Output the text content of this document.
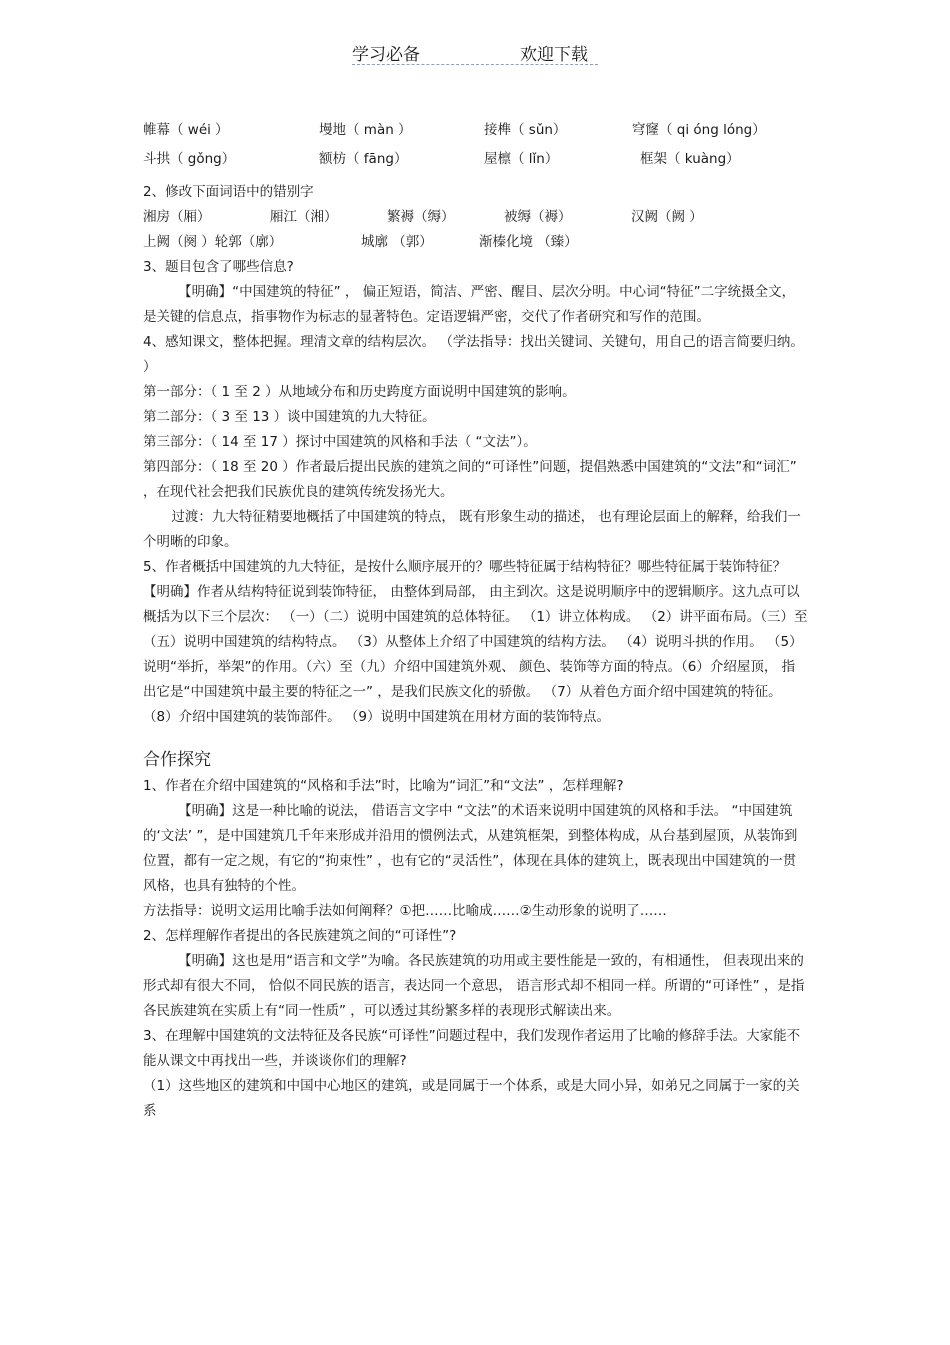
学习必备	欢迎下载
帷幕（ wéi ）	墁地（ màn ）	接榫（ sǔn）	穹窿（ qi óng lóng）
斗拱（ gǒng）	额枋（ fāng）	屋檩（ lǐn）	框架（ kuàng）

2、修改下面词语中的错别字

湘房（厢）	厢江（湘）	繁褥（缛）	被缛（褥）	汉阙（阙 ）
上阙（阕 ）轮郭（廓）	城廓 （郭）	渐榛化境 （臻）

3、题目包含了哪些信息?

【明确】“中国建筑的特征” ， 偏正短语，简洁、严密、醒目、层次分明。中心词“特征”二字统摄全文，是关键的信息点，指事物作为标志的显著特色。定语逻辑严密，交代了作者研究和写作的范围。

4、感知课文，整体把握。理清文章的结构层次。 （学法指导：找出关键词、关键句，用自己的语言简要归纳。 ）

第一部分：（ 1 至 2 ）从地域分布和历史跨度方面说明中国建筑的影响。

第二部分：（ 3 至 13 ）谈中国建筑的九大特征。

第三部分：（ 14 至 17 ）探讨中国建筑的风格和手法（ “文法”）。

第四部分：（ 18 至 20 ）作者最后提出民族的建筑之间的“可译性”问题，提倡熟悉中国建筑的“文法”和“词汇” ，在现代社会把我们民族优良的建筑传统发扬光大。

过渡：九大特征精要地概括了中国建筑的特点， 既有形象生动的描述， 也有理论层面上的解释，给我们一个明晰的印象。

5、作者概括中国建筑的九大特征，是按什么顺序展开的？哪些特征属于结构特征？哪些特征属于装饰特征？

【明确】作者从结构特征说到装饰特征， 由整体到局部， 由主到次。这是说明顺序中的逻辑顺序。这九点可以概括为以下三个层次： （一）（二）说明中国建筑的总体特征。 （1）讲立体构成。 （2）讲平面布局。（三）至（五）说明中国建筑的结构特点。 （3）从整体上介绍了中国建筑的结构方法。 （4）说明斗拱的作用。 （5）说明“举折，举架”的作用。（六）至（九）介绍中国建筑外观、 颜色、装饰等方面的特点。（6）介绍屋顶， 指出它是“中国建筑中最主要的特征之一” ，是我们民族文化的骄傲。 （7）从着色方面介绍中国建筑的特征。 （8）介绍中国建筑的装饰部件。 （9）说明中国建筑在用材方面的装饰特点。

合作探究

1、作者在介绍中国建筑的“风格和手法”时，比喻为“词汇”和“文法” ，怎样理解?

【明确】这是一种比喻的说法， 借语言文字中 “文法”的术语来说明中国建筑的风格和手法。 “中国建筑的‘文法’ ”，是中国建筑几千年来形成并沿用的惯例法式，从建筑框架，到整体构成，从台基到屋顶，从装饰到位置，都有一定之规，有它的“拘束性” ，也有它的“灵活性”，体现在具体的建筑上，既表现出中国建筑的一贯风格，也具有独特的个性。

方法指导：说明文运用比喻手法如何阐释？①把……比喻成……②生动形象的说明了……

2、怎样理解作者提出的各民族建筑之间的“可译性”?

【明确】这也是用“语言和文学”为喻。各民族建筑的功用或主要性能是一致的，有相通性， 但表现出来的形式却有很大不同， 恰似不同民族的语言，表达同一个意思， 语言形式却不相同一样。所谓的“可译性” ，是指各民族建筑在实质上有“同一性质” ，可以透过其纷繁多样的表现形式解读出来。

3、在理解中国建筑的文法特征及各民族“可译性”问题过程中，我们发现作者运用了比喻的修辞手法。大家能不能从课文中再找出一些，并谈谈你们的理解?

（1）这些地区的建筑和中国中心地区的建筑，或是同属于一个体系，或是大同小异，如弟兄之同属于一家的关系
